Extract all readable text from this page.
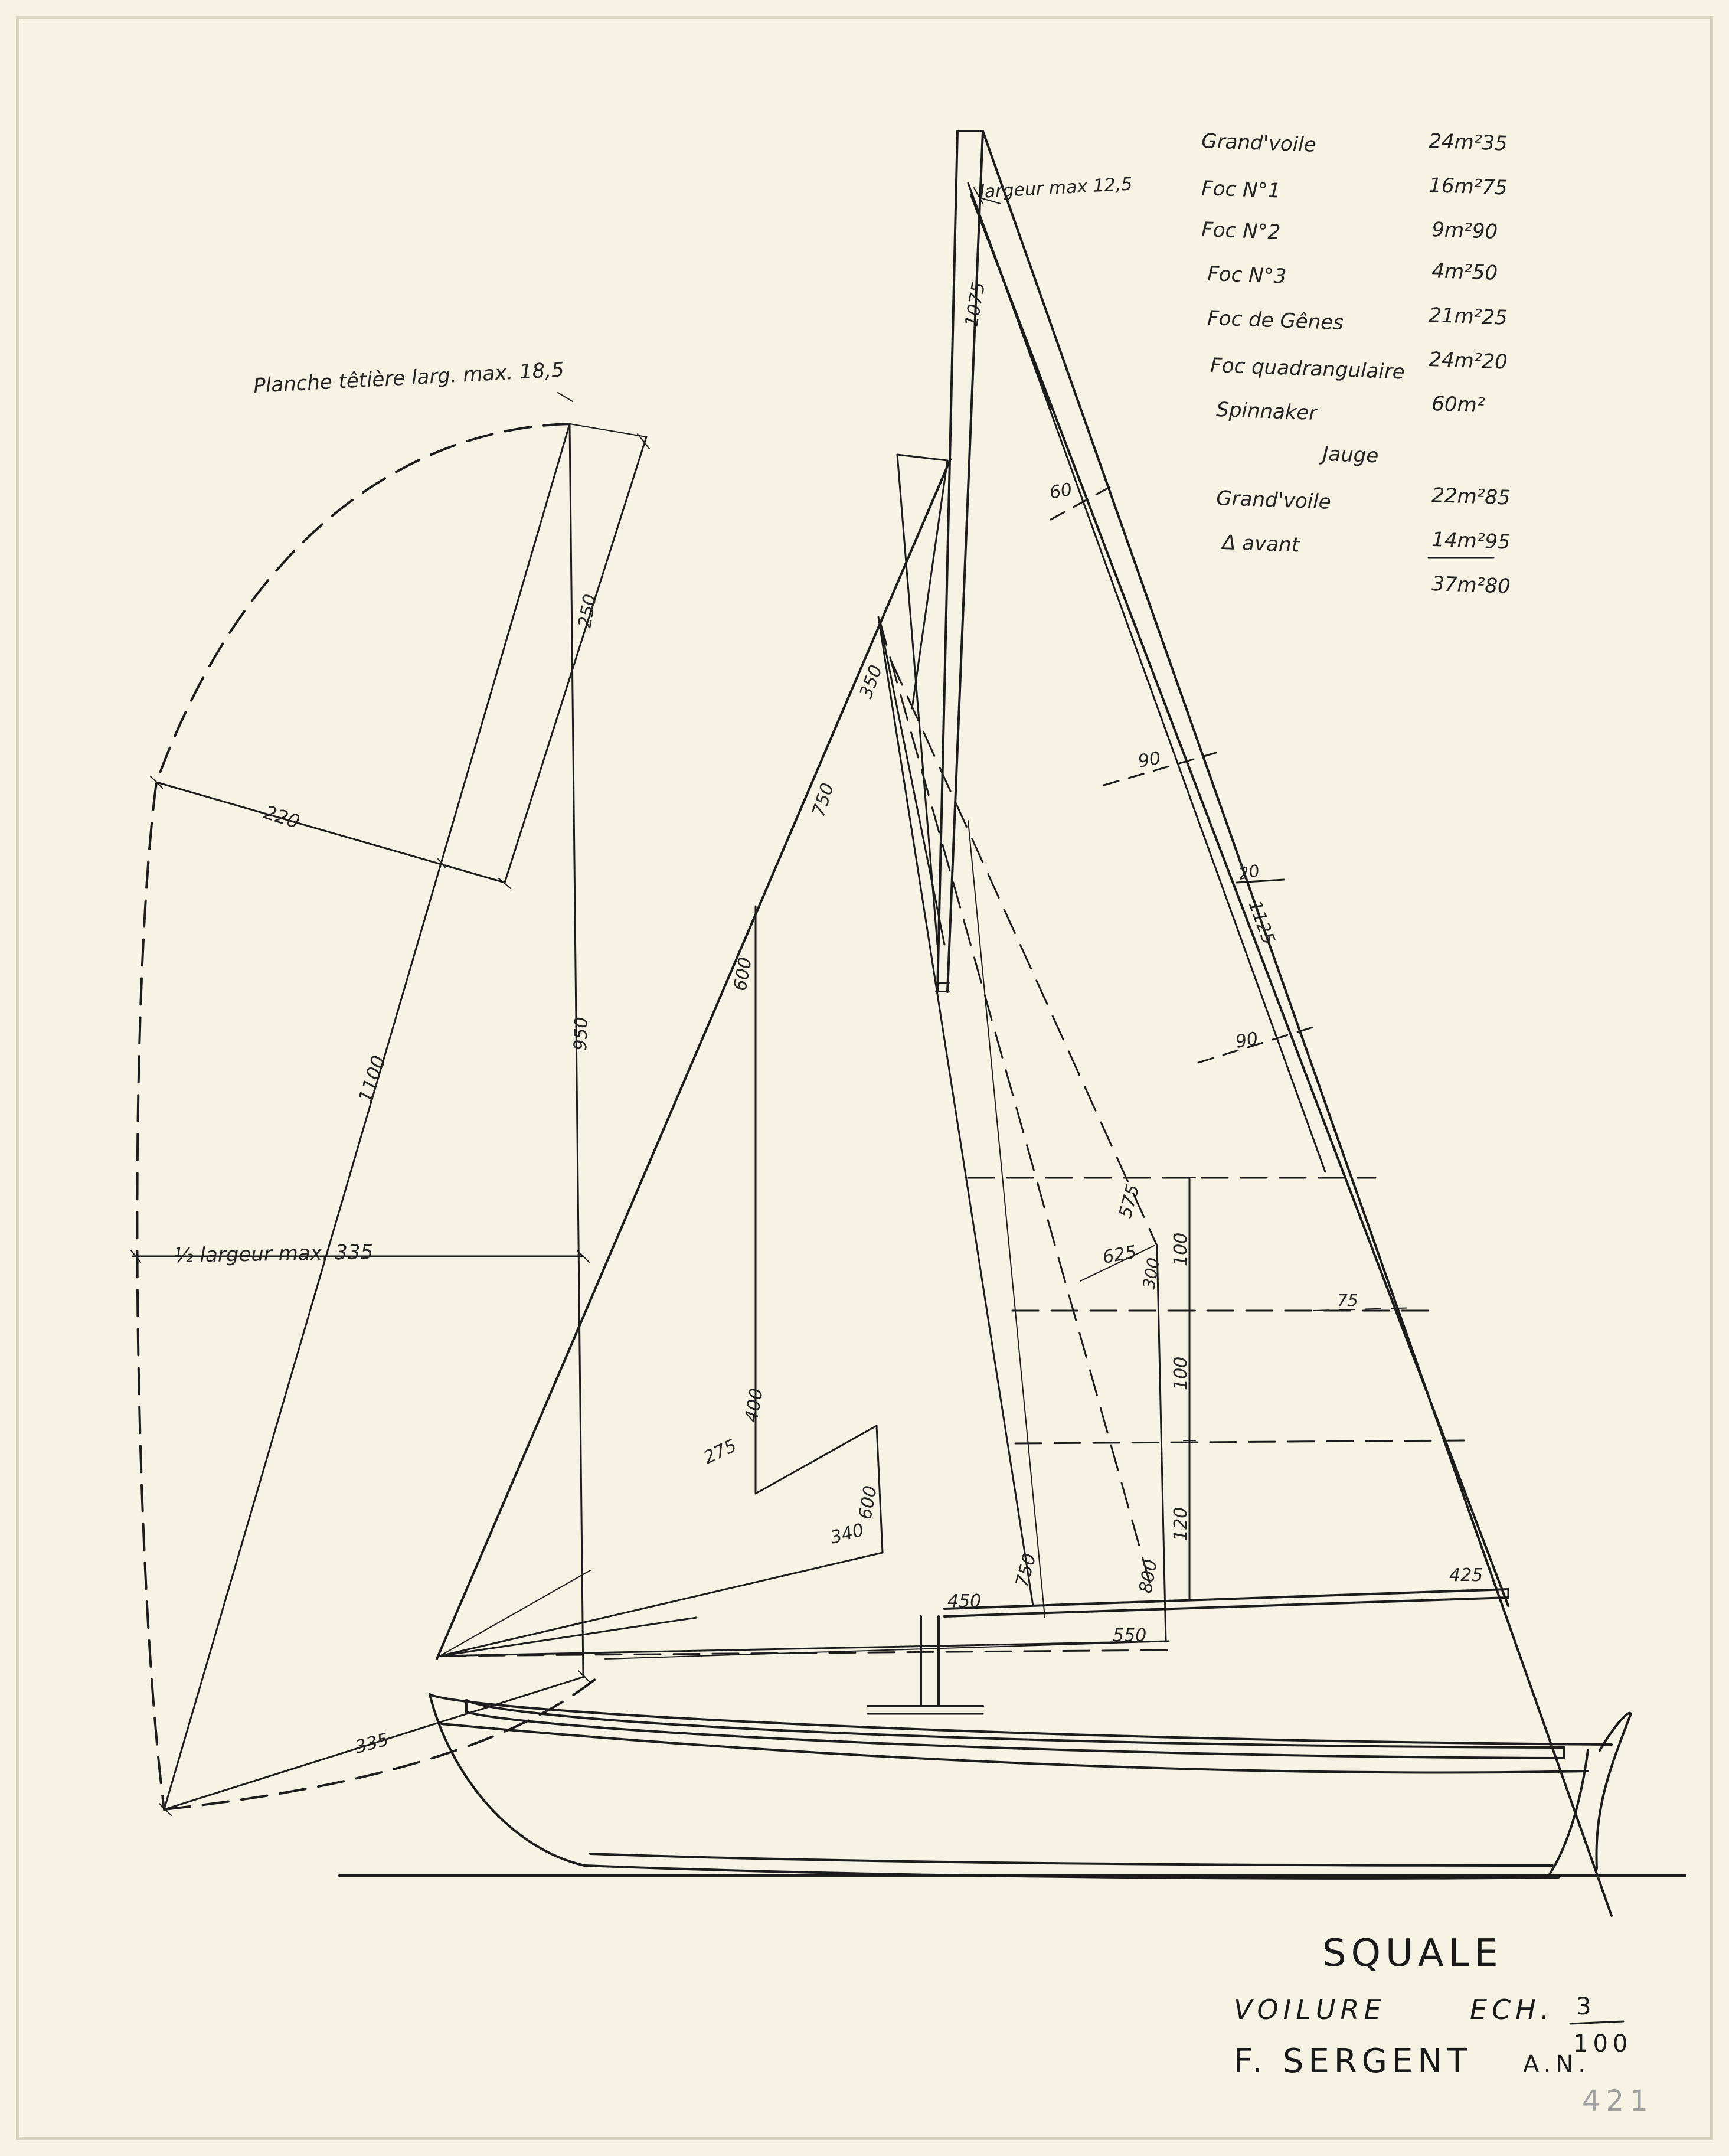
largeur max 12,5
1075
60
90
20
1125
90
Planche têtière larg. max. 18,5
250
220
1100
950
½ largeur max. 335
335
350
750
600
400
275
600
340
750
450
575
625
300
800
100
100
120
75
425
550
Grand'voile	24m²35
Foc N°1	16m²75
Foc N°2	9m²90
Foc N°3	4m²50
Foc de Gênes	21m²25
Foc quadrangulaire 24m²20
Spinnaker	60m²
Jauge
Grand'voile	22m²85
Δ avant	14m²95
37m²80
SQUALE
VOILURE	ECH. 3
100
F. SERGENT A.N.
421
